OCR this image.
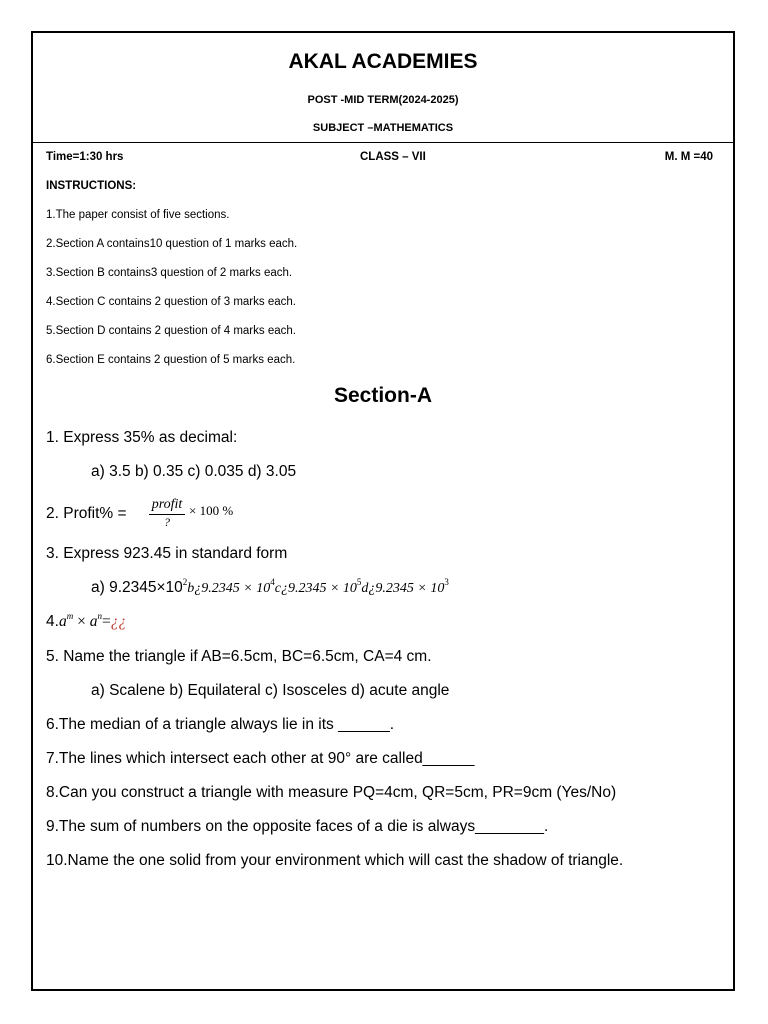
AKAL ACADEMIES
POST -MID TERM(2024-2025)
SUBJECT –MATHEMATICS
Time=1:30 hrs	CLASS – VII	M. M =40
INSTRUCTIONS:
1.The paper consist of five sections.
2.Section A contains10 question of 1 marks each.
3.Section B contains3 question of 2 marks each.
4.Section C contains 2 question of 3 marks each.
5.Section D contains 2 question of 4 marks each.
6.Section E contains 2 question of 5 marks each.
Section-A
1. Express 35% as decimal:
a) 3.5 b) 0.35 c) 0.035 d) 3.05
2. Profit% =
profit
?
× 100 %
3. Express 923.45 in standard form
a) $9.2345\times 10^2b¿9.2345$ × $10^4c¿9.2345$ × $10^5d¿9.2345 \times 10^3$
$4.a^m$ × $a^n=¿¿$
5. Name the triangle if AB=6.5cm, BC=6.5cm, CA=4 cm.
a) Scalene b) Equilateral c) Isosceles d) acute angle
6.The median of a triangle always lie in its ______.
7.The lines which intersect each other at 90° are called______
8.Can you construct a triangle with measure PQ=4cm, QR=5cm, PR=9cm (Yes/No)
9.The sum of numbers on the opposite faces of a die is always________.
10.Name the one solid from your environment which will cast the shadow of triangle.
